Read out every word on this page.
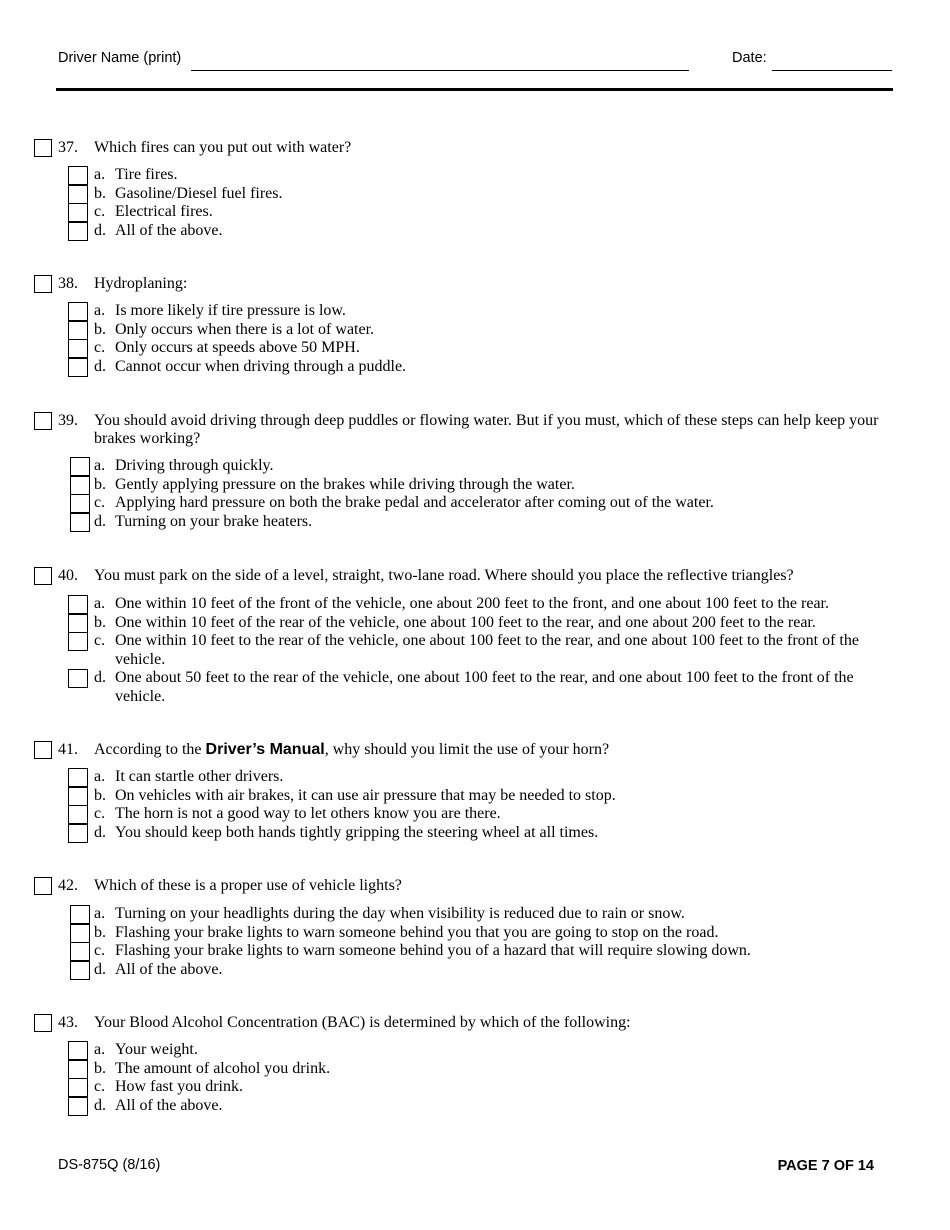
Driver Name (print)	Date:
37. Which fires can you put out with water?
a. Tire fires.
b. Gasoline/Diesel fuel fires.
c. Electrical fires.
d. All of the above.
38. Hydroplaning:
a. Is more likely if tire pressure is low.
b. Only occurs when there is a lot of water.
c. Only occurs at speeds above 50 MPH.
d. Cannot occur when driving through a puddle.
39. You should avoid driving through deep puddles or flowing water. But if you must, which of these steps can help keep your brakes working?
a. Driving through quickly.
b. Gently applying pressure on the brakes while driving through the water.
c. Applying hard pressure on both the brake pedal and accelerator after coming out of the water.
d. Turning on your brake heaters.
40. You must park on the side of a level, straight, two-lane road. Where should you place the reflective triangles?
a. One within 10 feet of the front of the vehicle, one about 200 feet to the front, and one about 100 feet to the rear.
b. One within 10 feet of the rear of the vehicle, one about 100 feet to the rear, and one about 200 feet to the rear.
c. One within 10 feet to the rear of the vehicle, one about 100 feet to the rear, and one about 100 feet to the front of the vehicle.
d. One about 50 feet to the rear of the vehicle, one about 100 feet to the rear, and one about 100 feet to the front of the vehicle.
41. According to the Driver’s Manual, why should you limit the use of your horn?
a. It can startle other drivers.
b. On vehicles with air brakes, it can use air pressure that may be needed to stop.
c. The horn is not a good way to let others know you are there.
d. You should keep both hands tightly gripping the steering wheel at all times.
42. Which of these is a proper use of vehicle lights?
a. Turning on your headlights during the day when visibility is reduced due to rain or snow.
b. Flashing your brake lights to warn someone behind you that you are going to stop on the road.
c. Flashing your brake lights to warn someone behind you of a hazard that will require slowing down.
d. All of the above.
43. Your Blood Alcohol Concentration (BAC) is determined by which of the following:
a. Your weight.
b. The amount of alcohol you drink.
c. How fast you drink.
d. All of the above.
DS-875Q (8/16)	PAGE 7 OF 14
